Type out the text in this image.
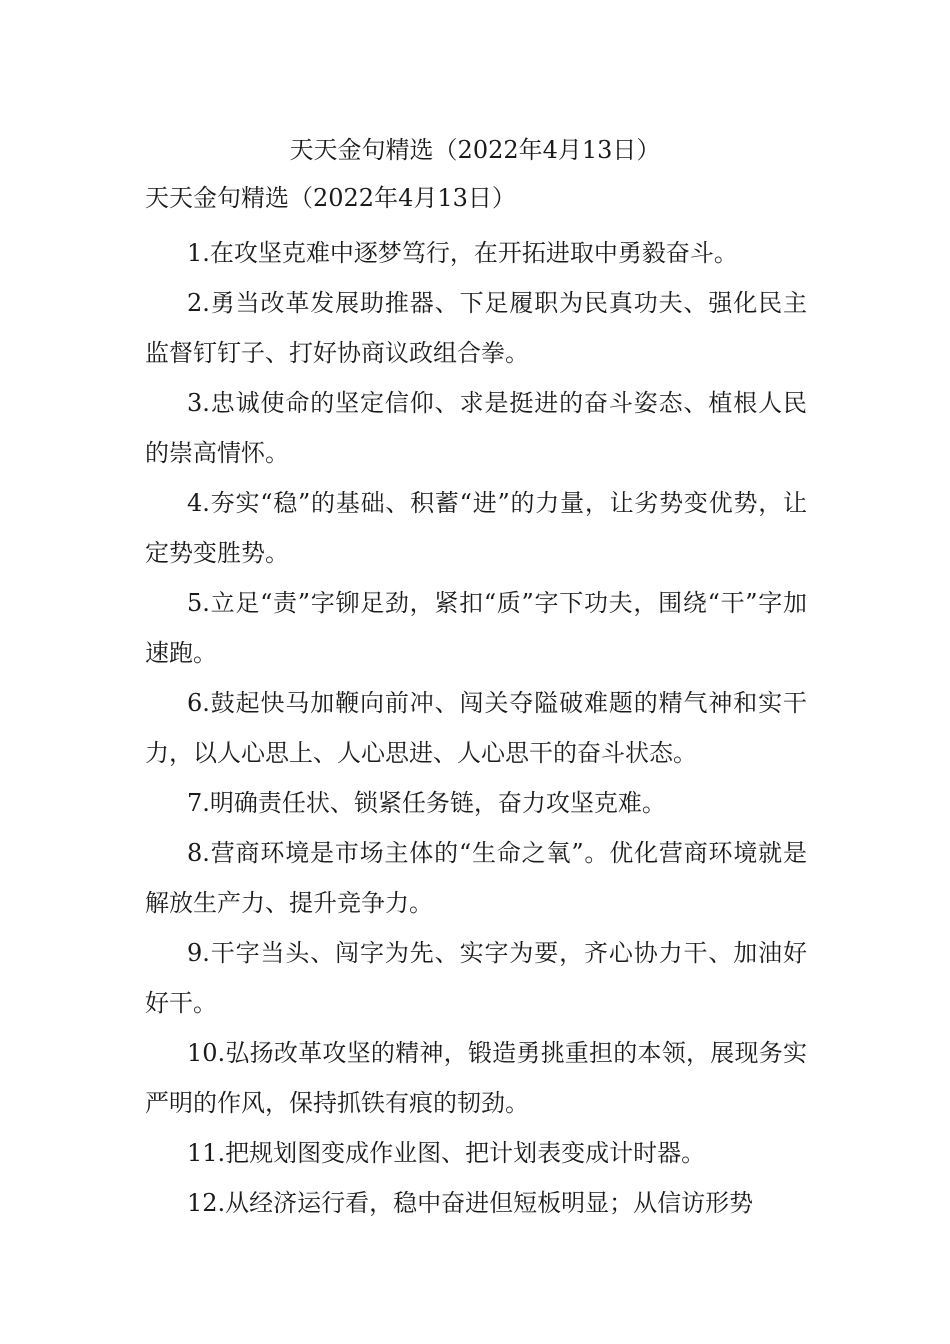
天天金句精选（2022年4月13日）
天天金句精选（2022年4月13日）

1.在攻坚克难中逐梦笃行，在开拓进取中勇毅奋斗。

2.勇当改革发展助推器、下足履职为民真功夫、强化民主监督钉钉子、打好协商议政组合拳。

3.忠诚使命的坚定信仰、求是挺进的奋斗姿态、植根人民的崇高情怀。

4.夯实“稳”的基础、积蓄“进”的力量，让劣势变优势，让定势变胜势。

5.立足“责”字铆足劲，紧扣“质”字下功夫，围绕“干”字加速跑。

6.鼓起快马加鞭向前冲、闯关夺隘破难题的精气神和实干力，以人心思上、人心思进、人心思干的奋斗状态。

7.明确责任状、锁紧任务链，奋力攻坚克难。

8.营商环境是市场主体的“生命之氧”。优化营商环境就是解放生产力、提升竞争力。

9.干字当头、闯字为先、实字为要，齐心协力干、加油好好干。

10.弘扬改革攻坚的精神，锻造勇挑重担的本领，展现务实严明的作风，保持抓铁有痕的韧劲。

11.把规划图变成作业图、把计划表变成计时器。

12.从经济运行看，稳中奋进但短板明显；从信访形势
